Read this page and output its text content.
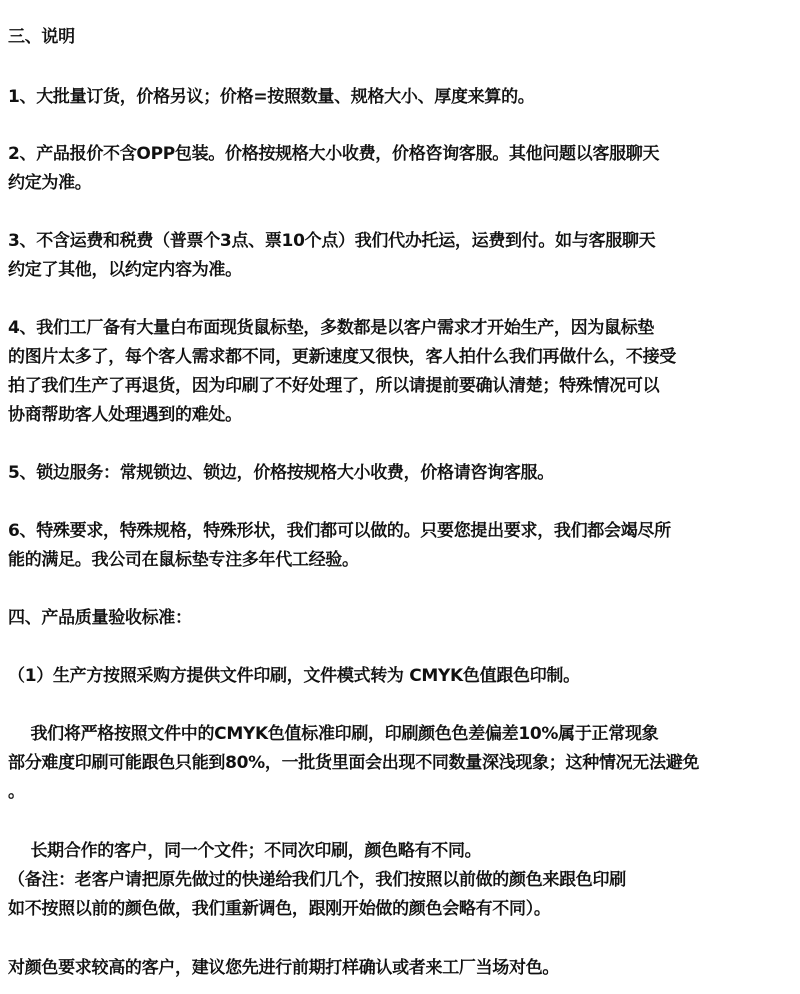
三、说明
1、大批量订货，价格另议；价格=按照数量、规格大小、厚度来算的。
2、产品报价不含OPP包装。价格按规格大小收费，价格咨询客服。其他问题以客服聊天
约定为准。
3、不含运费和税费（普票个3点、票10个点）我们代办托运，运费到付。如与客服聊天
约定了其他，以约定内容为准。
4、我们工厂备有大量白布面现货鼠标垫，多数都是以客户需求才开始生产，因为鼠标垫
的图片太多了，每个客人需求都不同，更新速度又很快，客人拍什么我们再做什么，不接受
拍了我们生产了再退货，因为印刷了不好处理了，所以请提前要确认清楚；特殊情况可以
协商帮助客人处理遇到的难处。
5、锁边服务：常规锁边、锁边，价格按规格大小收费，价格请咨询客服。
6、特殊要求，特殊规格，特殊形状，我们都可以做的。只要您提出要求，我们都会竭尽所
能的满足。我公司在鼠标垫专注多年代工经验。
四、产品质量验收标准：
（1）生产方按照采购方提供文件印刷，文件模式转为 CMYK色值跟色印制。
我们将严格按照文件中的CMYK色值标准印刷，印刷颜色色差偏差10%属于正常现象
部分难度印刷可能跟色只能到80%，一批货里面会出现不同数量深浅现象；这种情况无法避免
。
长期合作的客户，同一个文件；不同次印刷，颜色略有不同。
（备注：老客户请把原先做过的快递给我们几个，我们按照以前做的颜色来跟色印刷
如不按照以前的颜色做，我们重新调色，跟刚开始做的颜色会略有不同）。
对颜色要求较高的客户，建议您先进行前期打样确认或者来工厂当场对色。
